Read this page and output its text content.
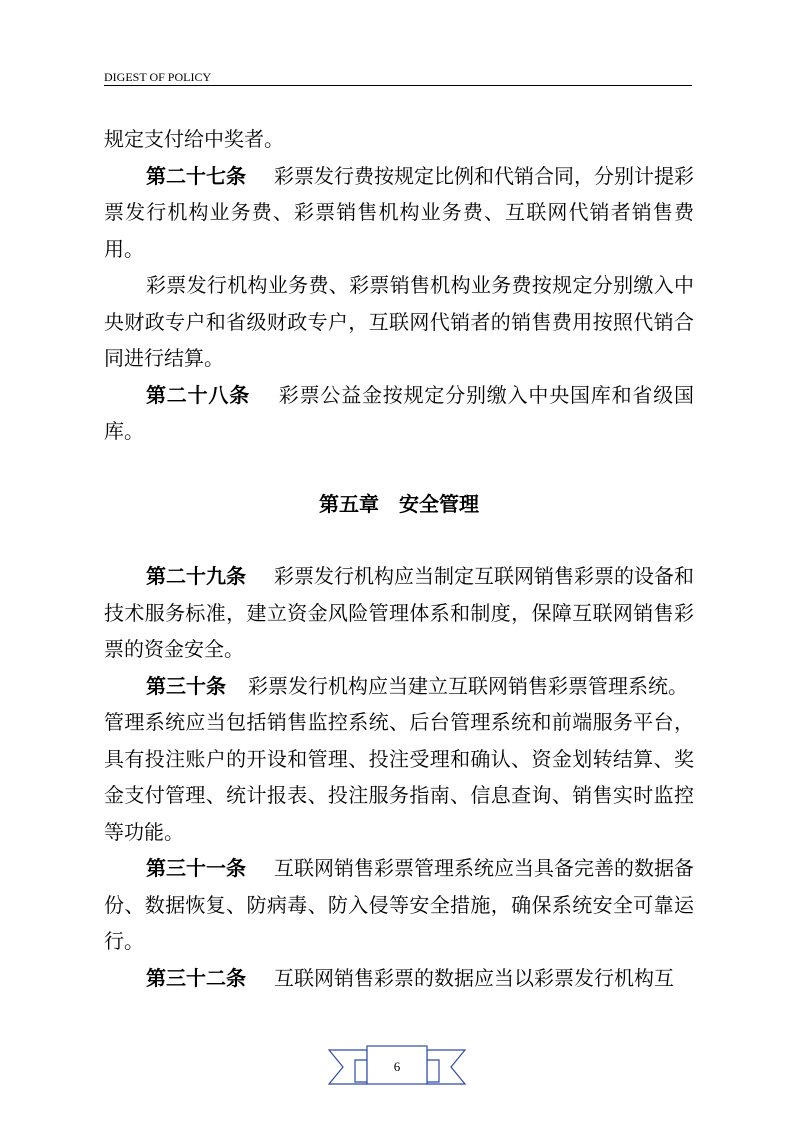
DIGEST OF POLICY

规定支付给中奖者。

第二十七条 彩票发行费按规定比例和代销合同，分别计提彩票发行机构业务费、彩票销售机构业务费、互联网代销者销售费用。

彩票发行机构业务费、彩票销售机构业务费按规定分别缴入中央财政专户和省级财政专户，互联网代销者的销售费用按照代销合同进行结算。

第二十八条 彩票公益金按规定分别缴入中央国库和省级国库。

第五章　安全管理

第二十九条 彩票发行机构应当制定互联网销售彩票的设备和技术服务标准，建立资金风险管理体系和制度，保障互联网销售彩票的资金安全。

第三十条 彩票发行机构应当建立互联网销售彩票管理系统。

管理系统应当包括销售监控系统、后台管理系统和前端服务平台，具有投注账户的开设和管理、投注受理和确认、资金划转结算、奖金支付管理、统计报表、投注服务指南、信息查询、销售实时监控等功能。

第三十一条 互联网销售彩票管理系统应当具备完善的数据备份、数据恢复、防病毒、防入侵等安全措施，确保系统安全可靠运行。

第三十二条 互联网销售彩票的数据应当以彩票发行机构互

6
